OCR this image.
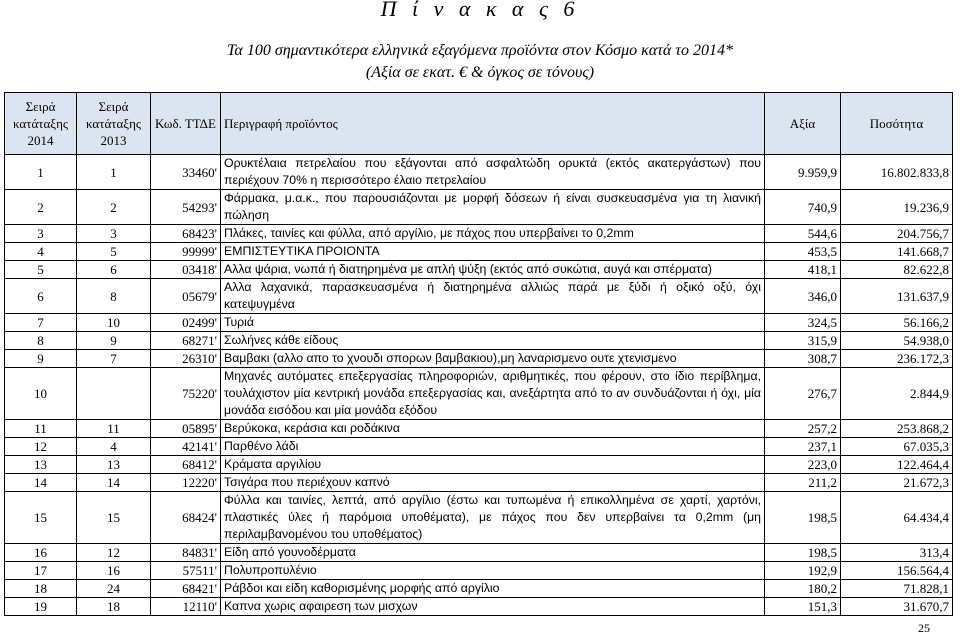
Π ί ν α κ α ς 6
Τα 100 σημαντικότερα ελληνικά εξαγόμενα προϊόντα στον Κόσμο κατά το 2014*
(Αξία σε εκατ. € & όγκος σε τόνους)
Σειρά κατάταξης 2014	Σειρά κατάταξης 2013	Κωδ. ΤΤΔΕ	Περιγραφή προϊόντος	Αξία	Ποσότητα
1	1	33460'	Ορυκτέλαια πετρελαίου που εξάγονται από ασφαλτώδη ορυκτά (εκτός ακατεργάστων) που περιέχουν 70% η περισσότερο έλαιο πετρελαίου	9.959,9	16.802.833,8
2	2	54293'	Φάρμακα, μ.α.κ., που παρουσιάζονται με μορφή δόσεων ή είναι συσκευασμένα για τη λιανική πώληση	740,9	19.236,9
3	3	68423'	Πλάκες, ταινίες και φύλλα, από αργίλιο, με πάχος που υπερβαίνει το 0,2mm	544,6	204.756,7
4	5	99999'	ΕΜΠΙΣΤΕΥΤΙΚΑ ΠΡΟΙΟΝΤΑ	453,5	141.668,7
5	6	03418'	Αλλα ψάρια, νωπά ή διατηρημένα με απλή ψύξη (εκτός από συκώτια, αυγά και σπέρματα)	418,1	82.622,8
6	8	05679'	Αλλα λαχανικά, παρασκευασμένα ή διατηρημένα αλλιώς παρά με ξύδι ή οξικό οξύ, όχι κατεψυγμένα	346,0	131.637,9
7	10	02499'	Τυριά	324,5	56.166,2
8	9	68271'	Σωλήνες κάθε είδους	315,9	54.938,0
9	7	26310'	Βαμβακι (αλλο απο το χνουδι σπορων βαμβακιου),μη λαναρισμενο ουτε χτενισμενο	308,7	236.172,3
10		75220'	Μηχανές αυτόματες επεξεργασίας πληροφοριών, αριθμητικές, που φέρουν, στο ίδιο περίβλημα, τουλάχιστον μία κεντρική μονάδα επεξεργασίας και, ανεξάρτητα από το αν συνδυάζονται ή όχι, μία μονάδα εισόδου και μία μονάδα εξόδου	276,7	2.844,9
11	11	05895'	Βερύκοκα, κεράσια και ροδάκινα	257,2	253.868,2
12	4	42141'	Παρθένο λάδι	237,1	67.035,3
13	13	68412'	Κράματα αργιλίου	223,0	122.464,4
14	14	12220'	Τσιγάρα που περιέχουν καπνό	211,2	21.672,3
15	15	68424'	Φύλλα και ταινίες, λεπτά, από αργίλιο (έστω και τυπωμένα ή επικολλημένα σε χαρτί, χαρτόνι, πλαστικές ύλες ή παρόμοια υποθέματα), με πάχος που δεν υπερβαίνει τα 0,2mm (μη περιλαμβανομένου του υποθέματος)	198,5	64.434,4
16	12	84831'	Είδη από γουνοδέρματα	198,5	313,4
17	16	57511'	Πολυπροπυλένιο	192,9	156.564,4
18	24	68421'	Ράβδοι και είδη καθορισμένης μορφής από αργίλιο	180,2	71.828,1
19	18	12110'	Καπνα χωρις αφαιρεση των μισχων	151,3	31.670,7
25
